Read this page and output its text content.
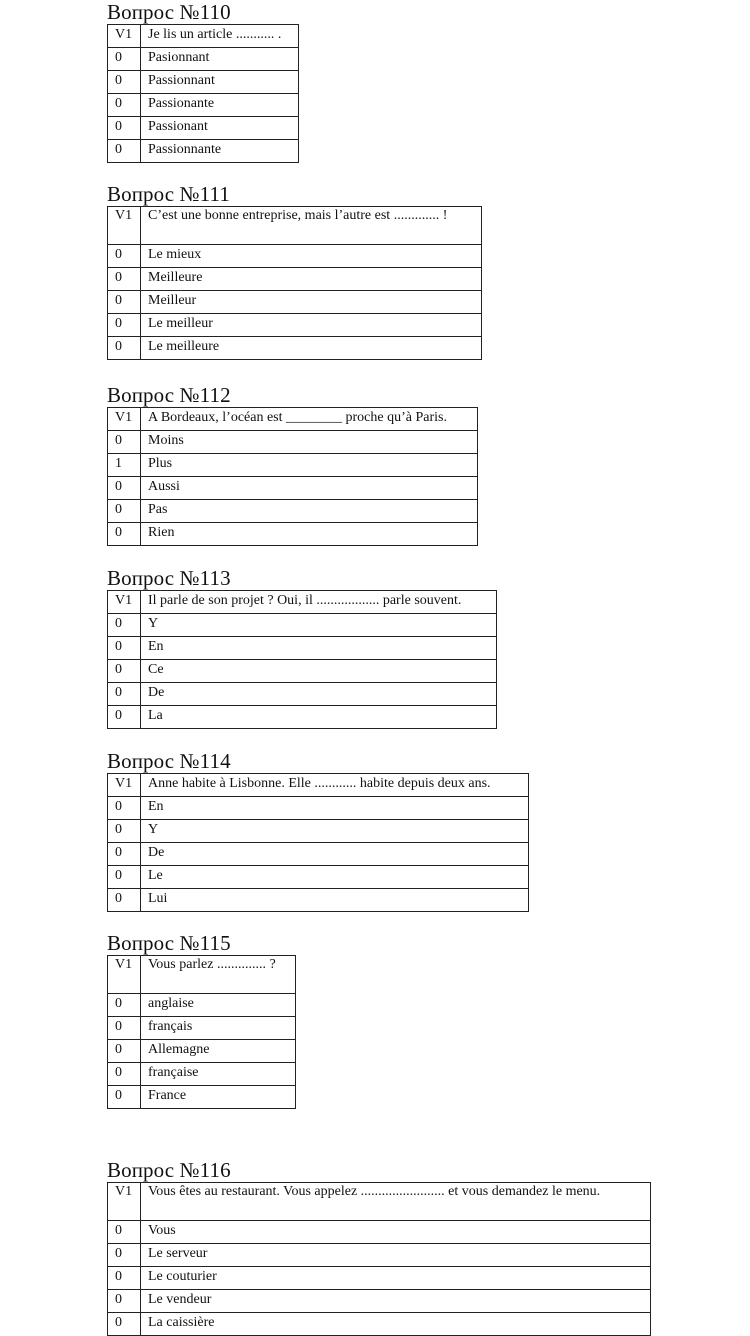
Вопрос №110
V1	Je lis un article ........... .
0	Pasionnant
0	Passionnant
0	Passionante
0	Passionant
0	Passionnante
Вопрос №111
V1	C’est une bonne entreprise, mais l’autre est ............. !
0	Le mieux
0	Meilleure
0	Meilleur
0	Le meilleur
0	Le meilleure
Вопрос №112
V1	A Bordeaux, l’océan est ________ proche qu’à Paris.
0	Moins
1	Plus
0	Aussi
0	Pas
0	Rien
Вопрос №113
V1	Il parle de son projet ? Oui, il .................. parle souvent.
0	Y
0	En
0	Ce
0	De
0	La
Вопрос №114
V1	Anne habite à Lisbonne. Elle ............ habite depuis deux ans.
0	En
0	Y
0	De
0	Le
0	Lui
Вопрос №115
V1	Vous parlez .............. ?
0	anglaise
0	français
0	Allemagne
0	française
0	France
Вопрос №116
V1	Vous êtes au restaurant. Vous appelez ........................ et vous demandez le menu.
0	Vous
0	Le serveur
0	Le couturier
0	Le vendeur
0	La caissière
